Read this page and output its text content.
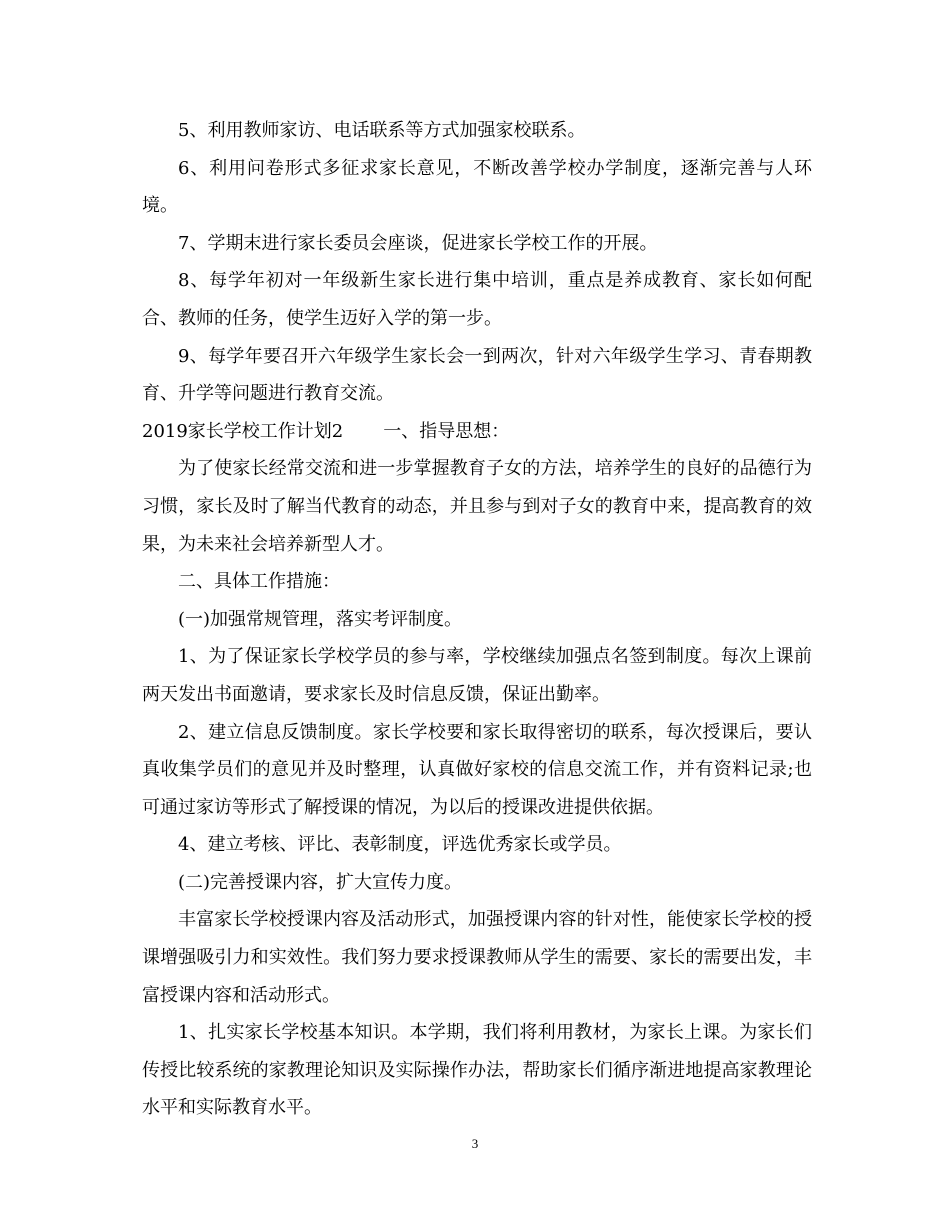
5、利用教师家访、电话联系等方式加强家校联系。

6、利用问卷形式多征求家长意见，不断改善学校办学制度，逐渐完善与人环境。

7、学期末进行家长委员会座谈，促进家长学校工作的开展。

8、每学年初对一年级新生家长进行集中培训，重点是养成教育、家长如何配合、教师的任务，使学生迈好入学的第一步。

9、每学年要召开六年级学生家长会一到两次，针对六年级学生学习、青春期教育、升学等问题进行教育交流。

2019家长学校工作计划2 一、指导思想：

为了使家长经常交流和进一步掌握教育子女的方法，培养学生的良好的品德行为习惯，家长及时了解当代教育的动态，并且参与到对子女的教育中来，提高教育的效果，为未来社会培养新型人才。

二、具体工作措施：

(一)加强常规管理，落实考评制度。

1、为了保证家长学校学员的参与率，学校继续加强点名签到制度。每次上课前两天发出书面邀请，要求家长及时信息反馈，保证出勤率。

2、建立信息反馈制度。家长学校要和家长取得密切的联系，每次授课后，要认真收集学员们的意见并及时整理，认真做好家校的信息交流工作，并有资料记录;也可通过家访等形式了解授课的情况，为以后的授课改进提供依据。

4、建立考核、评比、表彰制度，评选优秀家长或学员。

(二)完善授课内容，扩大宣传力度。

丰富家长学校授课内容及活动形式，加强授课内容的针对性，能使家长学校的授课增强吸引力和实效性。我们努力要求授课教师从学生的需要、家长的需要出发，丰富授课内容和活动形式。

1、扎实家长学校基本知识。本学期，我们将利用教材，为家长上课。为家长们传授比较系统的家教理论知识及实际操作办法，帮助家长们循序渐进地提高家教理论水平和实际教育水平。

3
